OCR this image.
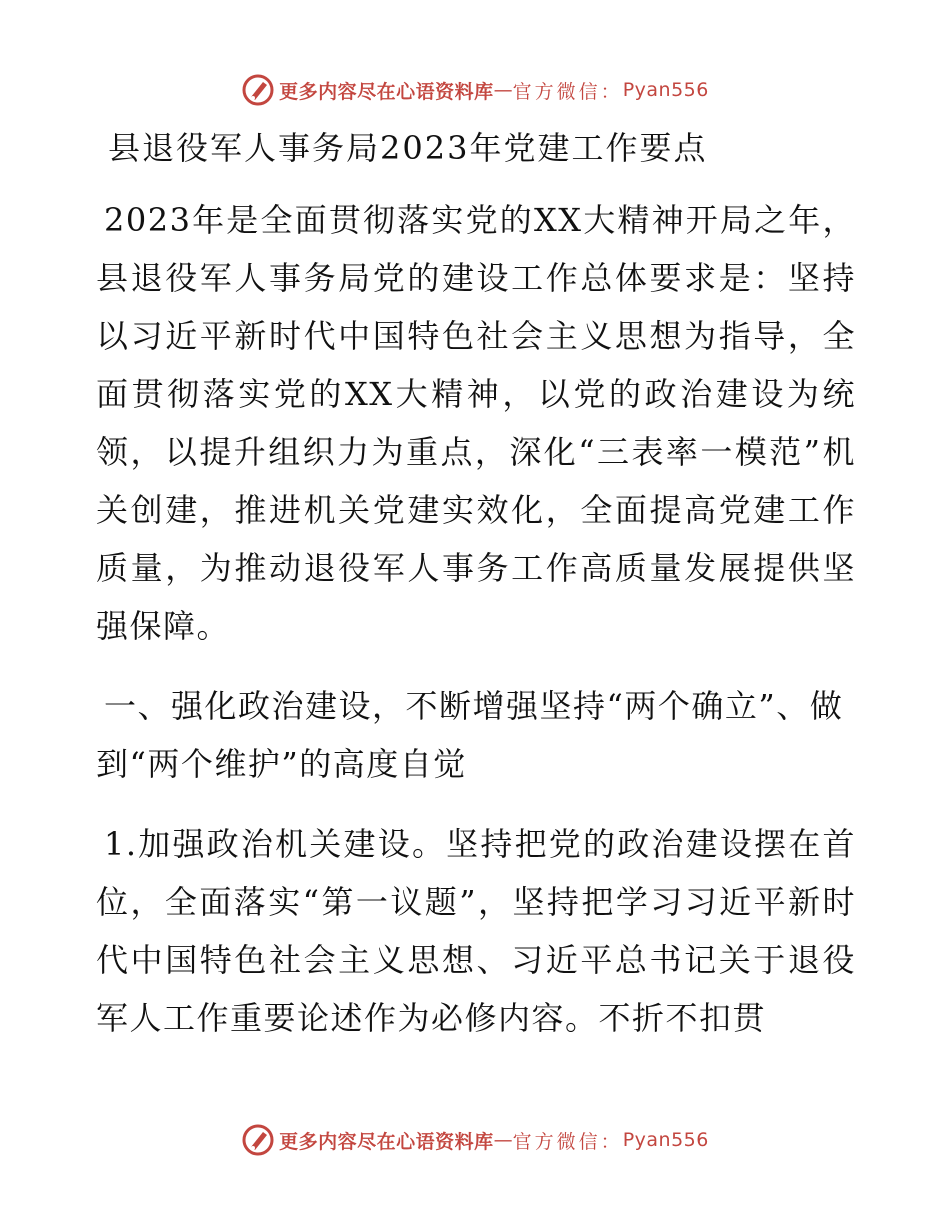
更多内容尽在心语资料库 — 官方微信： Pyan556
县退役军人事务局2023年党建工作要点

2023年是全面贯彻落实党的XX大精神开局之年，县退役军人事务局党的建设工作总体要求是：坚持以习近平新时代中国特色社会主义思想为指导，全面贯彻落实党的XX大精神，以党的政治建设为统领，以提升组织力为重点，深化“三表率一模范”机关创建，推进机关党建实效化，全面提高党建工作质量，为推动退役军人事务工作高质量发展提供坚强保障。

一、强化政治建设，不断增强坚持“两个确立”、做到“两个维护”的高度自觉

1.加强政治机关建设。坚持把党的政治建设摆在首位，全面落实“第一议题”，坚持把学习习近平新时代中国特色社会主义思想、习近平总书记关于退役军人工作重要论述作为必修内容。不折不扣贯

更多内容尽在心语资料库 — 官方微信： Pyan556
